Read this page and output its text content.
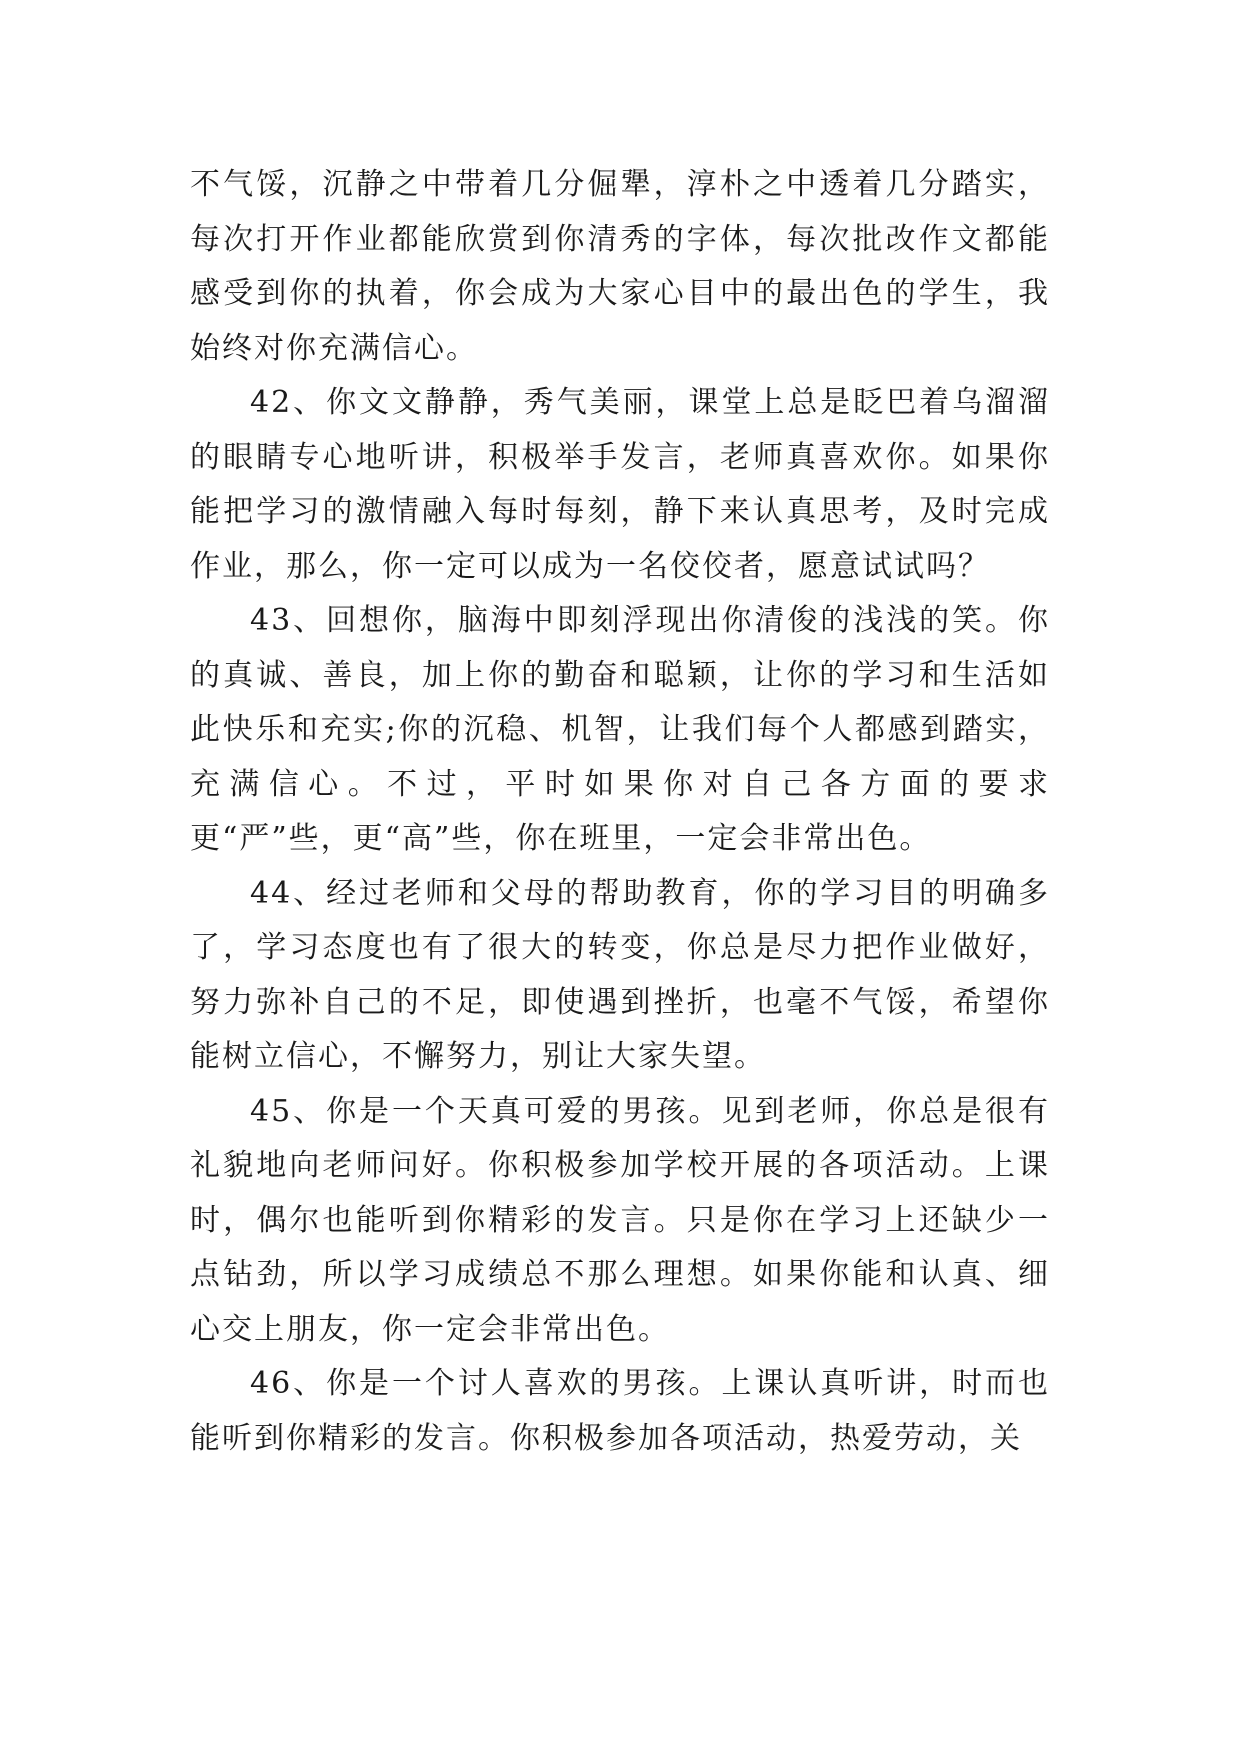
不气馁，沉静之中带着几分倔犟，淳朴之中透着几分踏实，每次打开作业都能欣赏到你清秀的字体，每次批改作文都能感受到你的执着，你会成为大家心目中的最出色的学生，我始终对你充满信心。

42、你文文静静，秀气美丽，课堂上总是眨巴着乌溜溜的眼睛专心地听讲，积极举手发言，老师真喜欢你。如果你能把学习的激情融入每时每刻，静下来认真思考，及时完成作业，那么，你一定可以成为一名佼佼者，愿意试试吗？

43、回想你，脑海中即刻浮现出你清俊的浅浅的笑。你的真诚、善良，加上你的勤奋和聪颖，让你的学习和生活如此快乐和充实;你的沉稳、机智，让我们每个人都感到踏实，充满信心。不过，平时如果你对自己各方面的要求更“严”些，更“高”些，你在班里，一定会非常出色。

44、经过老师和父母的帮助教育，你的学习目的明确多了，学习态度也有了很大的转变，你总是尽力把作业做好，努力弥补自己的不足，即使遇到挫折，也毫不气馁，希望你能树立信心，不懈努力，别让大家失望。

45、你是一个天真可爱的男孩。见到老师，你总是很有礼貌地向老师问好。你积极参加学校开展的各项活动。上课时，偶尔也能听到你精彩的发言。只是你在学习上还缺少一点钻劲，所以学习成绩总不那么理想。如果你能和认真、细心交上朋友，你一定会非常出色。

46、你是一个讨人喜欢的男孩。上课认真听讲，时而也能听到你精彩的发言。你积极参加各项活动，热爱劳动，关
